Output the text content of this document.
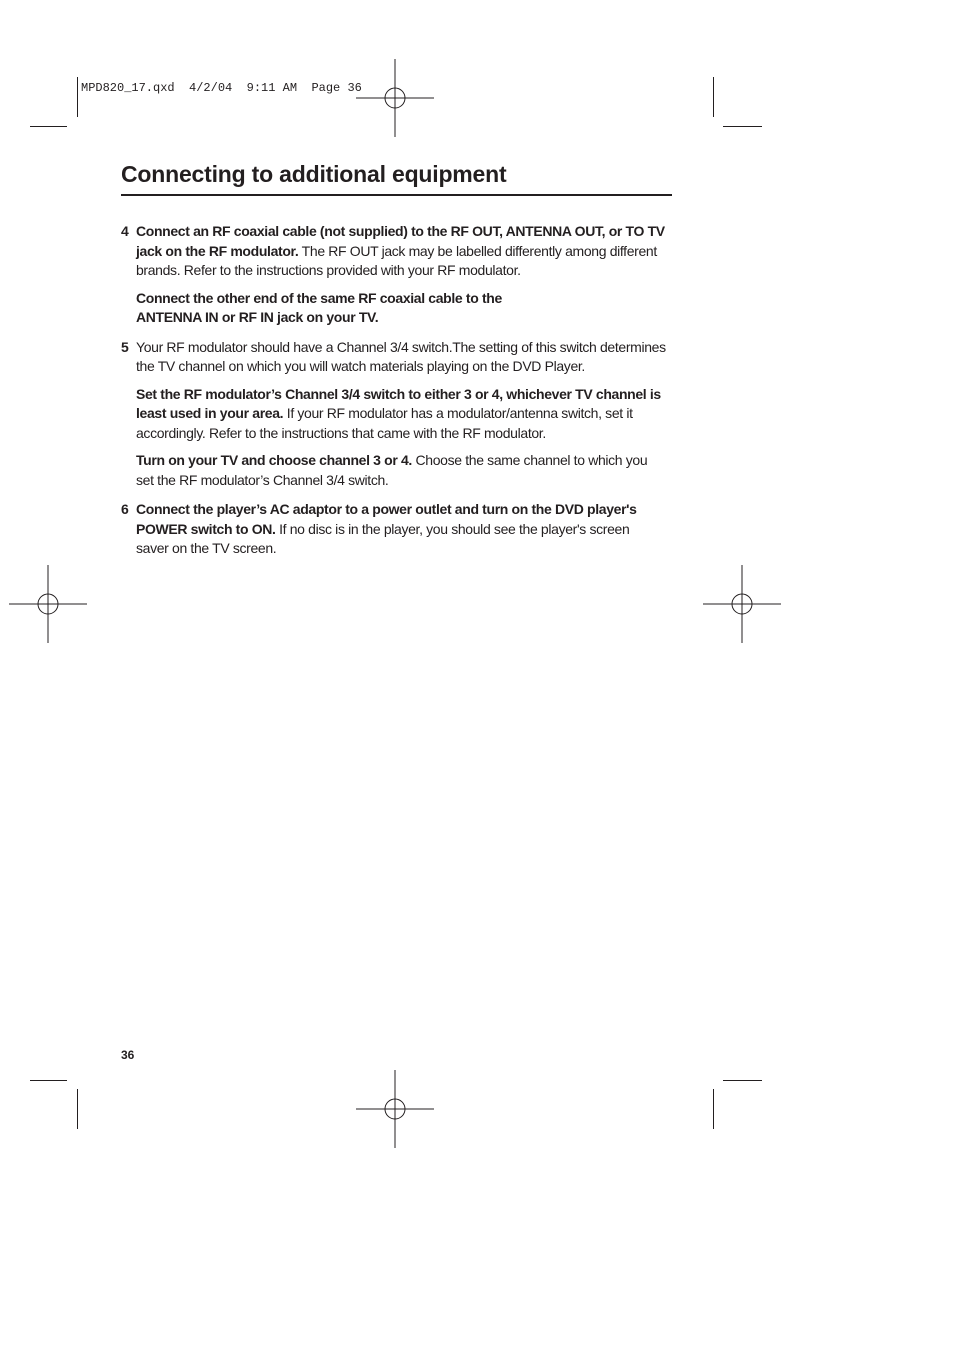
MPD820_17.qxd  4/2/04  9:11 AM  Page 36
Connecting to additional equipment
4 Connect an RF coaxial cable (not supplied) to the RF OUT, ANTENNA OUT, or TO TV jack on the RF modulator. The RF OUT jack may be labelled differently among different brands. Refer to the instructions provided with your RF modulator.

Connect the other end of the same RF coaxial cable to the ANTENNA IN or RF IN jack on your TV.

5 Your RF modulator should have a Channel 3/4 switch.The setting of this switch determines the TV channel on which you will watch materials playing on the DVD Player.

Set the RF modulator’s Channel 3/4 switch to either 3 or 4, whichever TV channel is least used in your area. If your RF modulator has a modulator/antenna switch, set it accordingly. Refer to the instructions that came with the RF modulator.

Turn on your TV and choose channel 3 or 4. Choose the same channel to which you set the RF modulator’s Channel 3/4 switch.

6 Connect the player’s AC adaptor to a power outlet and turn on the DVD player's POWER switch to ON. If no disc is in the player, you should see the player's screen saver on the TV screen.

36
